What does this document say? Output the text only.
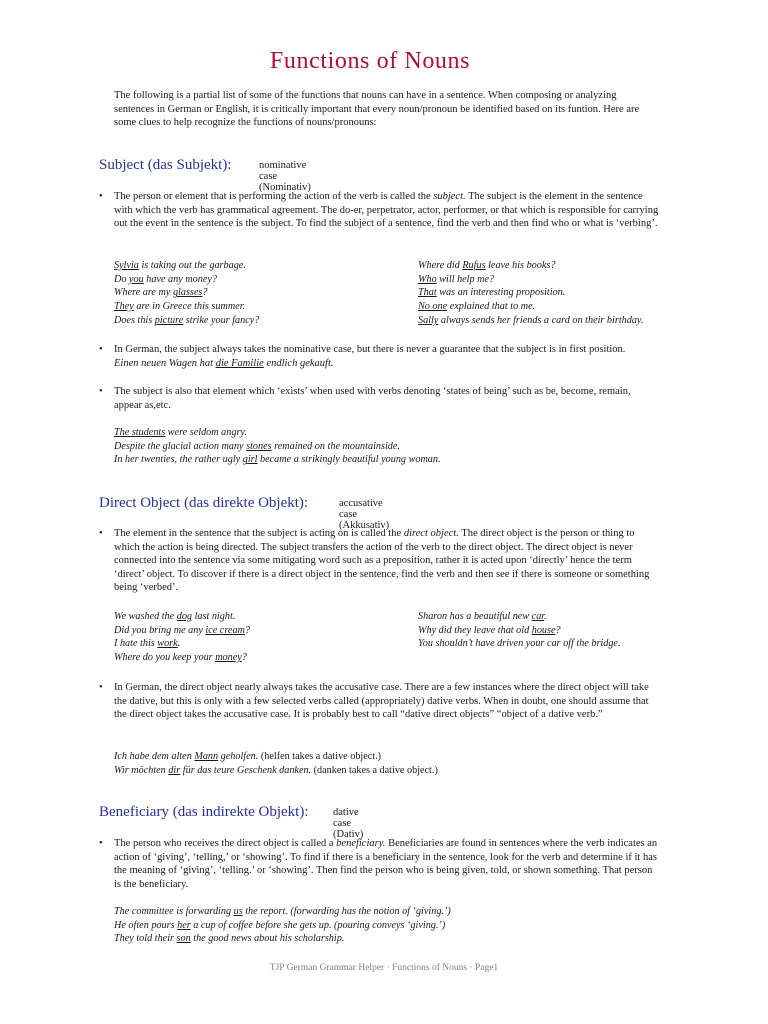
Functions of Nouns
The following is a partial list of some of the functions that nouns can have in a sentence. When composing or analyzing sentences in German or English, it is critically important that every noun/pronoun be identified based on its funtion. Here are some clues to help recognize the functions of nouns/pronouns:
Subject (das Subjekt):	nominative case (Nominativ)
• The person or element that is performing the action of the verb is called the subject. The subject is the element in the sentence with which the verb has grammatical agreement. The do-er, perpetrator, actor, performer, or that which is responsible for carrying out the event in the sentence is the subject. To find the subject of a sentence, find the verb and then find who or what is ‘verbing’.
Sylvia is taking out the garbage.
Do you have any money?
Where are my glasses?
They are in Greece this summer.
Does this picture strike your fancy?
Where did Rufus leave his books?
Who will help me?
That was an interesting proposition.
No one explained that to me.
Sally always sends her friends a card on their birthday.
• In German, the subject always takes the nominative case, but there is never a guarantee that the subject is in first position.
Einen neuen Wagen hat die Familie endlich gekauft.
• The subject is also that element which ‘exists’ when used with verbs denoting ‘states of being’ such as be, become, remain, appear as,etc.
The students were seldom angry.
Despite the glacial action many stones remained on the mountainside.
In her twenties, the rather ugly girl became a strikingly beautiful young woman.
Direct Object (das direkte Objekt):	accusative case (Akkusativ)
• The element in the sentence that the subject is acting on is called the direct object. The direct object is the person or thing to which the action is being directed. The subject transfers the action of the verb to the direct object. The direct object is never connected into the sentence via some mitigating word such as a preposition, rather it is acted upon ‘directly’ hence the term ‘direct’ object. To discover if there is a direct object in the sentence, find the verb and then see if there is someone or something being ‘verbed’.
We washed the dog last night.
Did you bring me any ice cream?
I hate this work.
Where do you keep your money?
Sharon has a beautiful new car.
Why did they leave that old house?
You shouldn’t have driven your car off the bridge.
• In German, the direct object nearly always takes the accusative case. There are a few instances where the direct object will take the dative, but this is only with a few selected verbs called (appropriately) dative verbs. When in doubt, one should assume that the direct object takes the accusative case. It is probably best to call “dative direct objects” “object of a dative verb.”
Ich habe dem alten Mann geholfen. (helfen takes a dative object.)
Wir möchten dir für das teure Geschenk danken. (danken takes a dative object.)
Beneficiary (das indirekte Objekt): dative case (Dativ)
• The person who receives the direct object is called a beneficiary. Beneficiaries are found in sentences where the verb indicates an action of ‘giving’, ‘telling,’ or ‘showing’. To find if there is a beneficiary in the sentence, look for the verb and determine if it has the meaning of ‘giving’, ‘telling.’ or ‘showing’. Then find the person who is being given, told, or shown something. That person is the beneficiary.
The committee is forwarding us the report. (forwarding has the notion of ‘giving.’)
He often pours her a cup of coffee before she gets up. (pouring conveys ‘giving.’)
They told their son the good news about his scholarship.
TJP German Grammar Helper · Functions of Nouns · Page1
